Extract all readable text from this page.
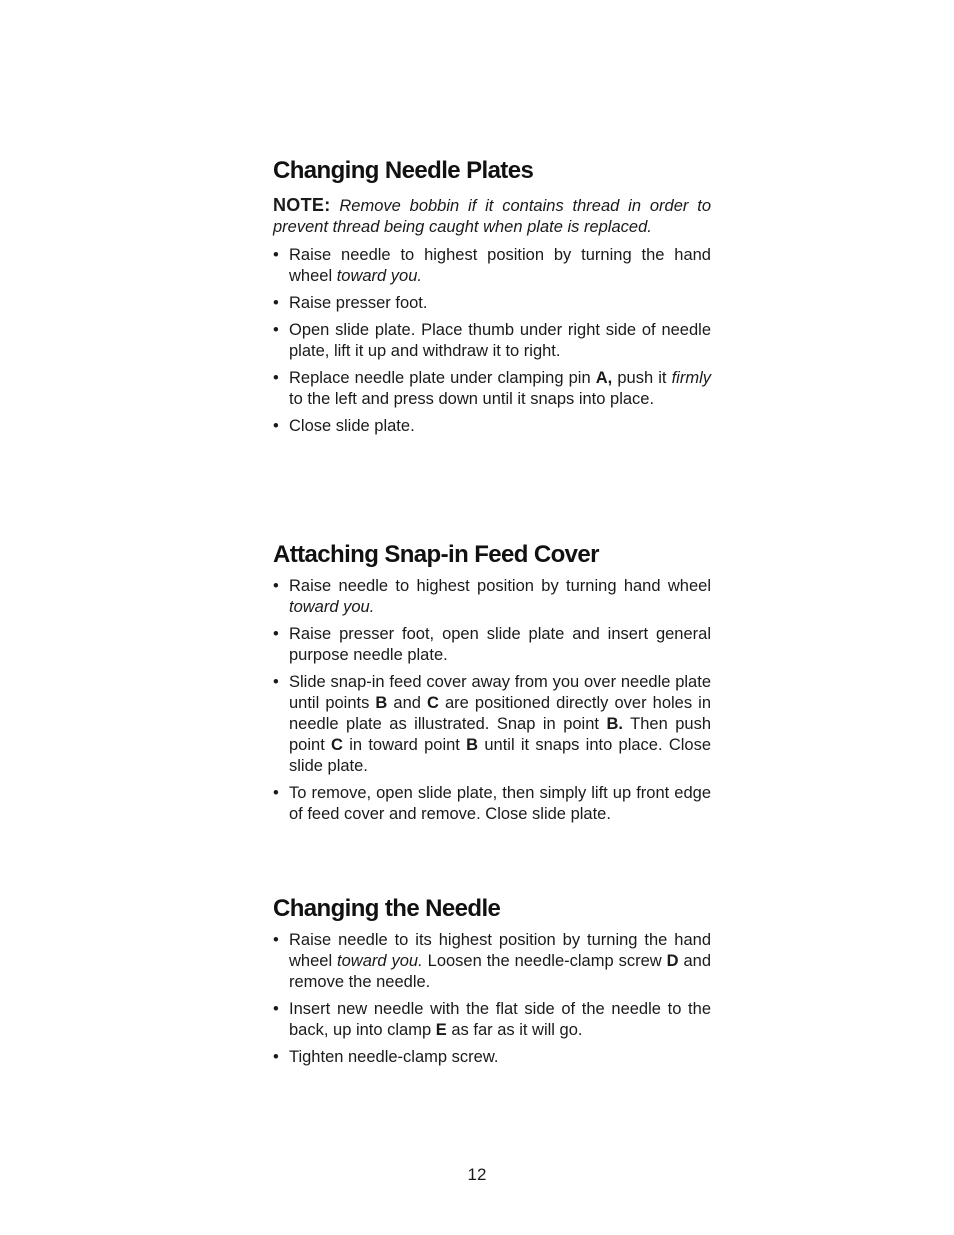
Changing Needle Plates

NOTE: Remove bobbin if it contains thread in order to prevent thread being caught when plate is replaced.

• Raise needle to highest position by turning the hand wheel toward you.
• Raise presser foot.
• Open slide plate. Place thumb under right side of needle plate, lift it up and withdraw it to right.
• Replace needle plate under clamping pin A, push it firmly to the left and press down until it snaps into place.
• Close slide plate.
Attaching Snap-in Feed Cover
• Raise needle to highest position by turning hand wheel toward you.
• Raise presser foot, open slide plate and insert general purpose needle plate.
• Slide snap-in feed cover away from you over needle plate until points B and C are positioned directly over holes in needle plate as illustrated. Snap in point B. Then push point C in toward point B until it snaps into place. Close slide plate.
• To remove, open slide plate, then simply lift up front edge of feed cover and remove. Close slide plate.
Changing the Needle
• Raise needle to its highest position by turning the hand wheel toward you. Loosen the needle-clamp screw D and remove the needle.
• Insert new needle with the flat side of the needle to the back, up into clamp E as far as it will go.
• Tighten needle-clamp screw.
12
